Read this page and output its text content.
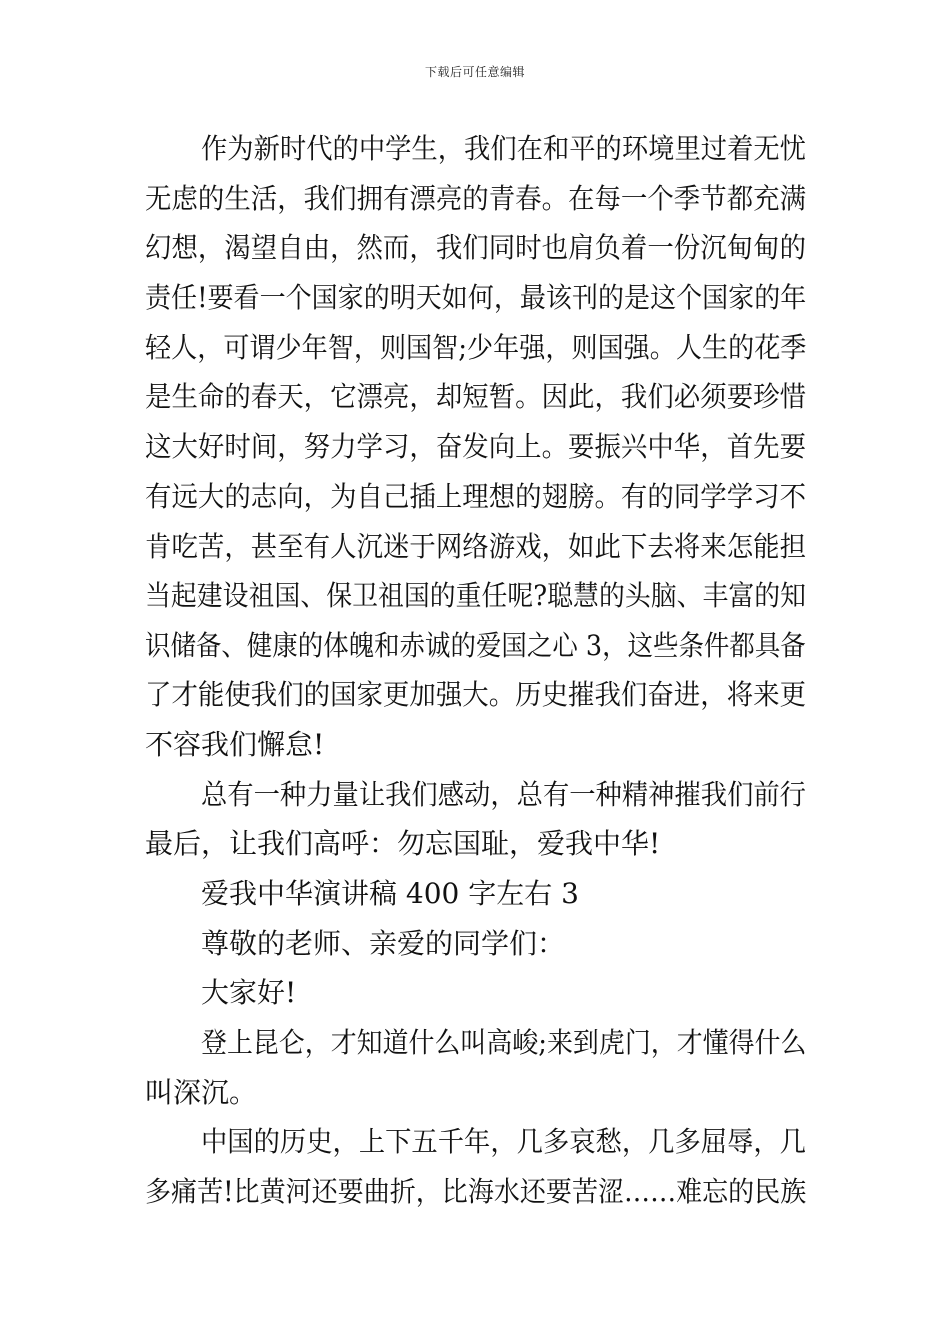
下载后可任意编辑
作为新时代的中学生，我们在和平的环境里过着无忧
无虑的生活，我们拥有漂亮的青春。在每一个季节都充满
幻想，渴望自由，然而，我们同时也肩负着一份沉甸甸的
责任!要看一个国家的明天如何，最该刊的是这个国家的年
轻人，可谓少年智，则国智;少年强，则国强。人生的花季
是生命的春天，它漂亮，却短暂。因此，我们必须要珍惜
这大好时间，努力学习，奋发向上。要振兴中华，首先要
有远大的志向，为自己插上理想的翅膀。有的同学学习不
肯吃苦，甚至有人沉迷于网络游戏，如此下去将来怎能担
当起建设祖国、保卫祖国的重任呢?聪慧的头脑、丰富的知
识储备、健康的体魄和赤诚的爱国之心 3，这些条件都具备
了才能使我们的国家更加强大。历史摧我们奋进，将来更
不容我们懈怠!
总有一种力量让我们感动，总有一种精神摧我们前行
最后，让我们高呼：勿忘国耻，爱我中华!
爱我中华演讲稿 400 字左右 3
尊敬的老师、亲爱的同学们：
大家好!
登上昆仑，才知道什么叫高峻;来到虎门，才懂得什么
叫深沉。
中国的历史，上下五千年，几多哀愁，几多屈辱，几
多痛苦!比黄河还要曲折，比海水还要苦涩……难忘的民族
